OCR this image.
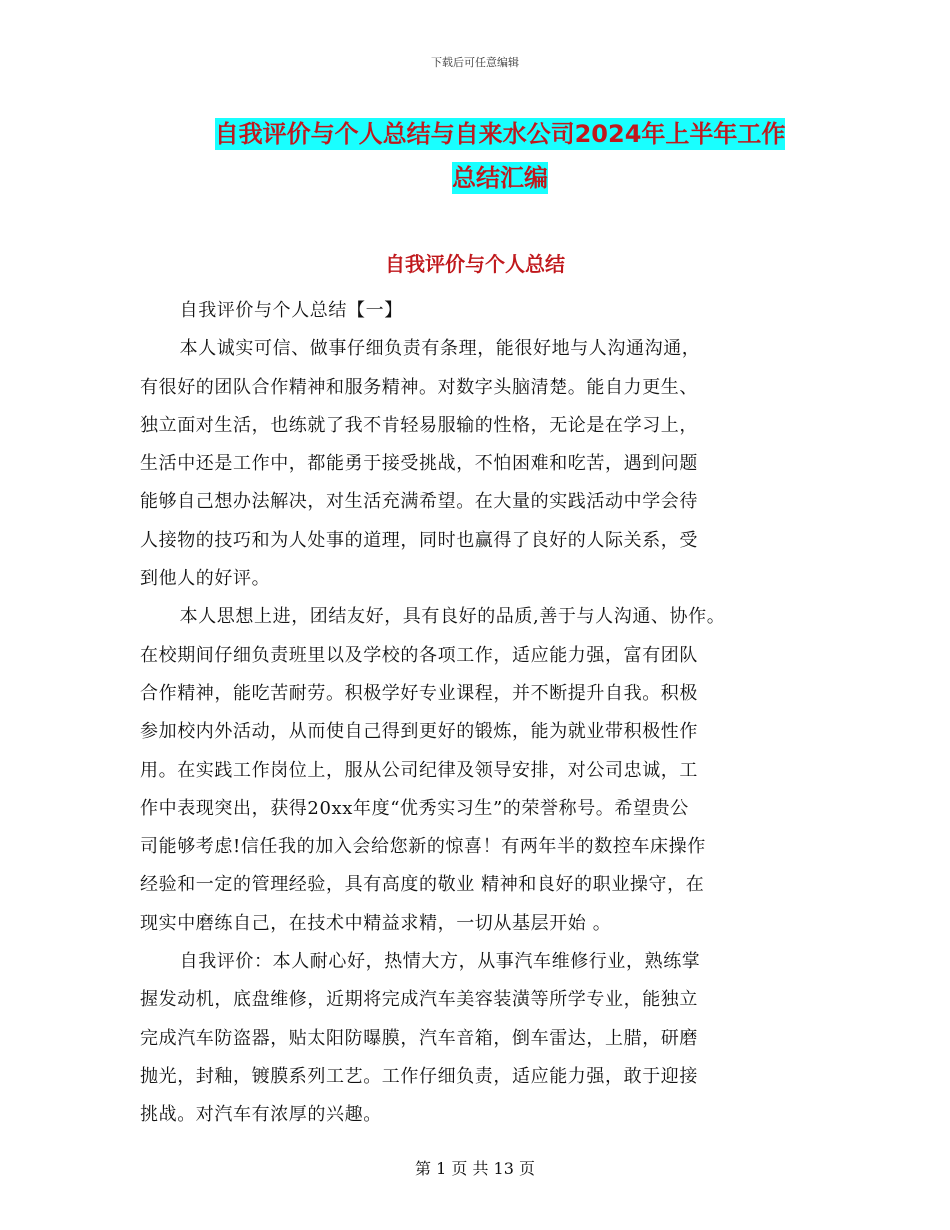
下载后可任意编辑
自我评价与个人总结与自来水公司2024年上半年工作
总结汇编
自我评价与个人总结

自我评价与个人总结【一】

本人诚实可信、做事仔细负责有条理，能很好地与人沟通沟通，
有很好的团队合作精神和服务精神。对数字头脑清楚。能自力更生、
独立面对生活，也练就了我不肯轻易服输的性格，无论是在学习上，
生活中还是工作中，都能勇于接受挑战，不怕困难和吃苦，遇到问题
能够自己想办法解决，对生活充满希望。在大量的实践活动中学会待
人接物的技巧和为人处事的道理，同时也赢得了良好的人际关系，受
到他人的好评。

本人思想上进，团结友好，具有良好的品质,善于与人沟通、协作。
在校期间仔细负责班里以及学校的各项工作，适应能力强，富有团队
合作精神，能吃苦耐劳。积极学好专业课程，并不断提升自我。积极
参加校内外活动，从而使自己得到更好的锻炼，能为就业带积极性作
用。在实践工作岗位上，服从公司纪律及领导安排，对公司忠诚，工
作中表现突出，获得20xx年度“优秀实习生”的荣誉称号。希望贵公
司能够考虑!信任我的加入会给您新的惊喜！有两年半的数控车床操作
经验和一定的管理经验，具有高度的敬业 精神和良好的职业操守，在
现实中磨练自己，在技术中精益求精，一切从基层开始 。

自我评价：本人耐心好，热情大方，从事汽车维修行业，熟练掌
握发动机，底盘维修，近期将完成汽车美容装潢等所学专业，能独立
完成汽车防盗器，贴太阳防曝膜，汽车音箱，倒车雷达，上腊，研磨
抛光，封釉，镀膜系列工艺。工作仔细负责，适应能力强，敢于迎接
挑战。对汽车有浓厚的兴趣。

第 1 页 共 13 页
